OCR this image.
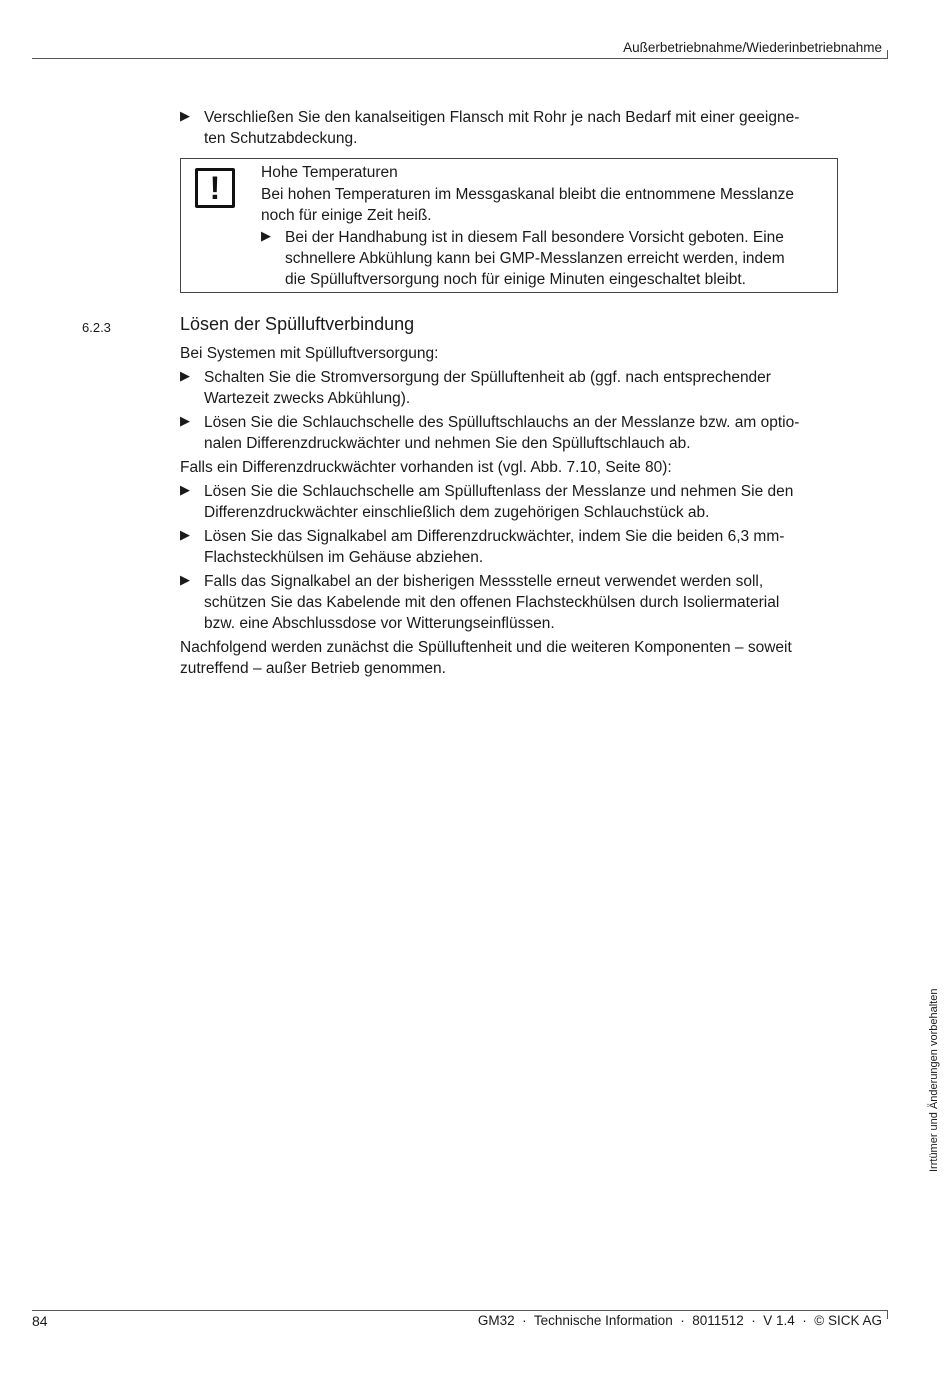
Außerbetriebnahme/Wiederinbetriebnahme
▶ Verschließen Sie den kanalseitigen Flansch mit Rohr je nach Bedarf mit einer geeigne-
ten Schutzabdeckung.
!	Hohe Temperaturen
Bei hohen Temperaturen im Messgaskanal bleibt die entnommene Messlanze
noch für einige Zeit heiß.
▶ Bei der Handhabung ist in diesem Fall besondere Vorsicht geboten. Eine
schnellere Abkühlung kann bei GMP-Messlanzen erreicht werden, indem
die Spülluftversorgung noch für einige Minuten eingeschaltet bleibt.
6.2.3	Lösen der Spülluftverbindung
Bei Systemen mit Spülluftversorgung:
▶ Schalten Sie die Stromversorgung der Spülluftenheit ab (ggf. nach entsprechender
Wartezeit zwecks Abkühlung).
▶ Lösen Sie die Schlauchschelle des Spülluftschlauchs an der Messlanze bzw. am optio-
nalen Differenzdruckwächter und nehmen Sie den Spülluftschlauch ab.
Falls ein Differenzdruckwächter vorhanden ist (vgl. Abb. 7.10, Seite 80):
▶ Lösen Sie die Schlauchschelle am Spülluftenlass der Messlanze und nehmen Sie den
Differenzdruckwächter einschließlich dem zugehörigen Schlauchstück ab.
▶ Lösen Sie das Signalkabel am Differenzdruckwächter, indem Sie die beiden 6,3 mm-
Flachsteckhülsen im Gehäuse abziehen.
▶ Falls das Signalkabel an der bisherigen Messstelle erneut verwendet werden soll,
schützen Sie das Kabelende mit den offenen Flachsteckhülsen durch Isoliermaterial
bzw. eine Abschlussdose vor Witterungseinflüssen.
Nachfolgend werden zunächst die Spülluftenheit und die weiteren Komponenten – soweit
zutreffend – außer Betrieb genommen.
Irrtümer und Änderungen vorbehalten
84	GM32  ·  Technische Information  ·  8011512  ·  V 1.4  ·  © SICK AG
